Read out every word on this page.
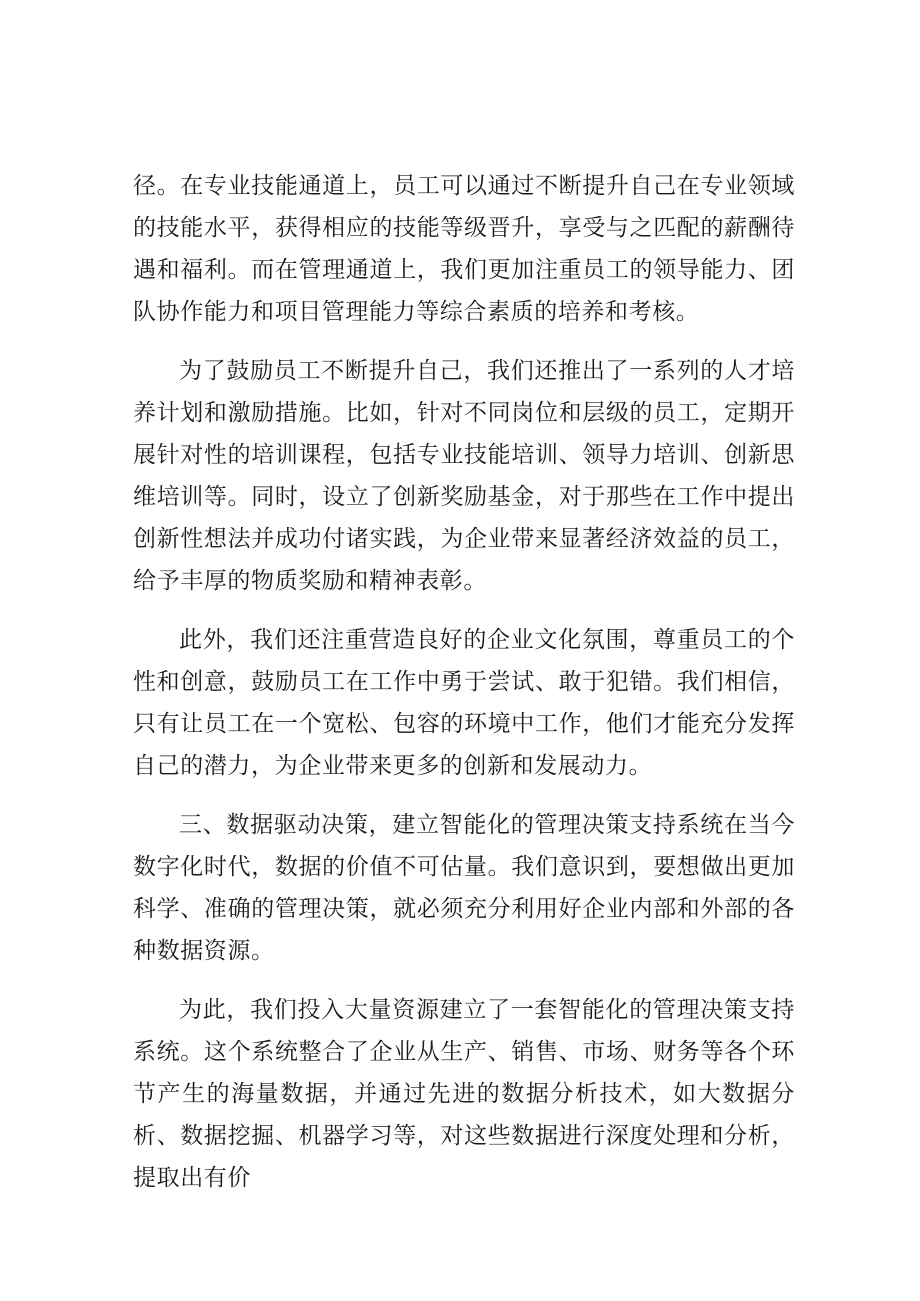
径。在专业技能通道上，员工可以通过不断提升自己在专业领域的技能水平，获得相应的技能等级晋升，享受与之匹配的薪酬待遇和福利。而在管理通道上，我们更加注重员工的领导能力、团队协作能力和项目管理能力等综合素质的培养和考核。

为了鼓励员工不断提升自己，我们还推出了一系列的人才培养计划和激励措施。比如，针对不同岗位和层级的员工，定期开展针对性的培训课程，包括专业技能培训、领导力培训、创新思维培训等。同时，设立了创新奖励基金，对于那些在工作中提出创新性想法并成功付诸实践，为企业带来显著经济效益的员工，给予丰厚的物质奖励和精神表彰。

此外，我们还注重营造良好的企业文化氛围，尊重员工的个性和创意，鼓励员工在工作中勇于尝试、敢于犯错。我们相信，只有让员工在一个宽松、包容的环境中工作，他们才能充分发挥自己的潜力，为企业带来更多的创新和发展动力。

三、数据驱动决策，建立智能化的管理决策支持系统在当今数字化时代，数据的价值不可估量。我们意识到，要想做出更加科学、准确的管理决策，就必须充分利用好企业内部和外部的各种数据资源。

为此，我们投入大量资源建立了一套智能化的管理决策支持系统。这个系统整合了企业从生产、销售、市场、财务等各个环节产生的海量数据，并通过先进的数据分析技术，如大数据分析、数据挖掘、机器学习等，对这些数据进行深度处理和分析，提取出有价
